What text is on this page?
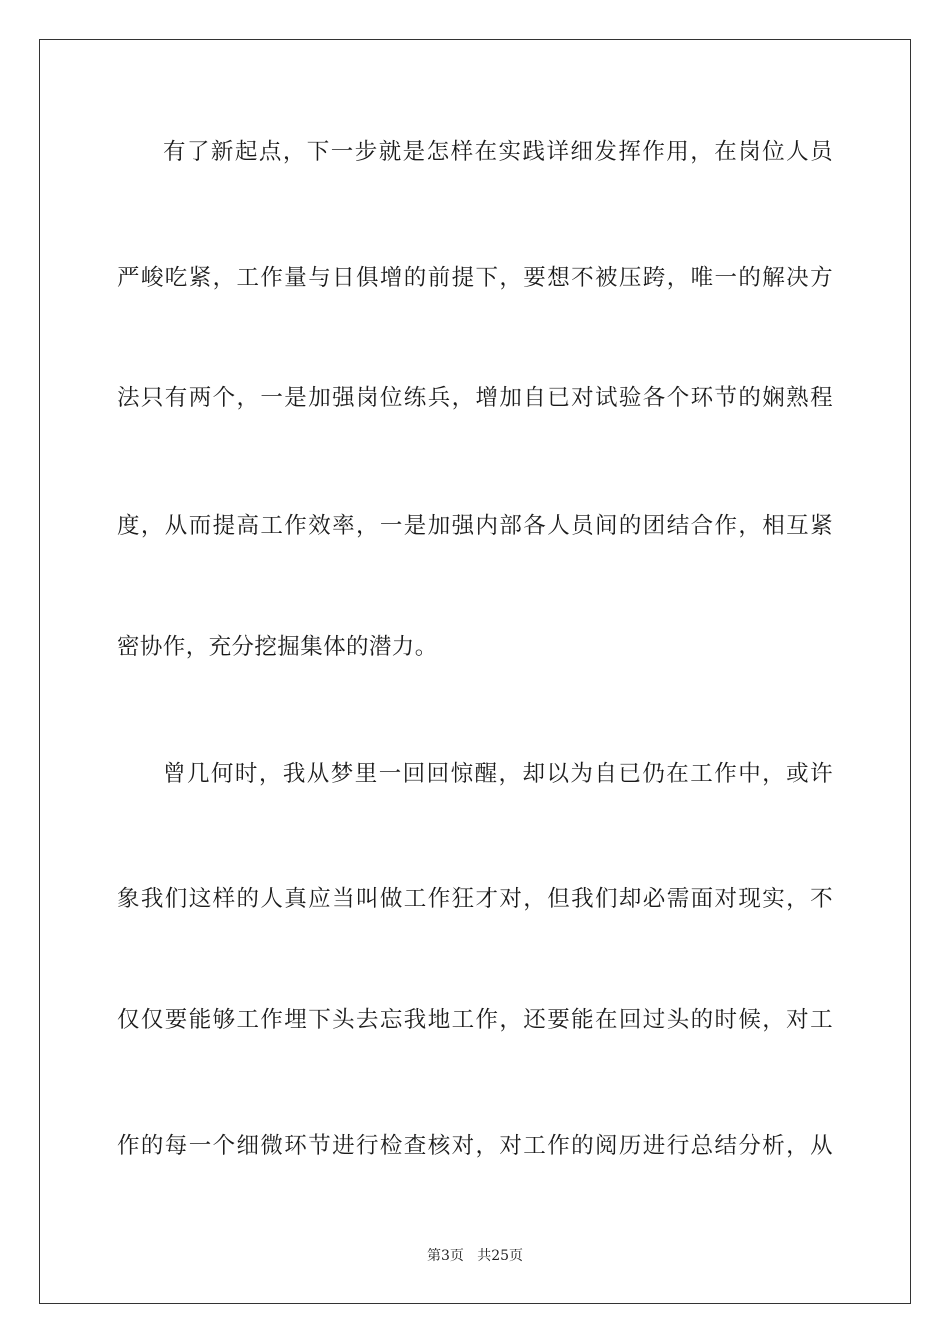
有了新起点，下一步就是怎样在实践详细发挥作用，在岗位人员
严峻吃紧，工作量与日俱增的前提下，要想不被压跨，唯一的解决方
法只有两个，一是加强岗位练兵，增加自已对试验各个环节的娴熟程
度，从而提高工作效率，一是加强内部各人员间的团结合作，相互紧
密协作，充分挖掘集体的潜力。
曾几何时，我从梦里一回回惊醒，却以为自已仍在工作中，或许
象我们这样的人真应当叫做工作狂才对，但我们却必需面对现实，不
仅仅要能够工作埋下头去忘我地工作，还要能在回过头的时候，对工
作的每一个细微环节进行检查核对，对工作的阅历进行总结分析，从
第3页   共25页
